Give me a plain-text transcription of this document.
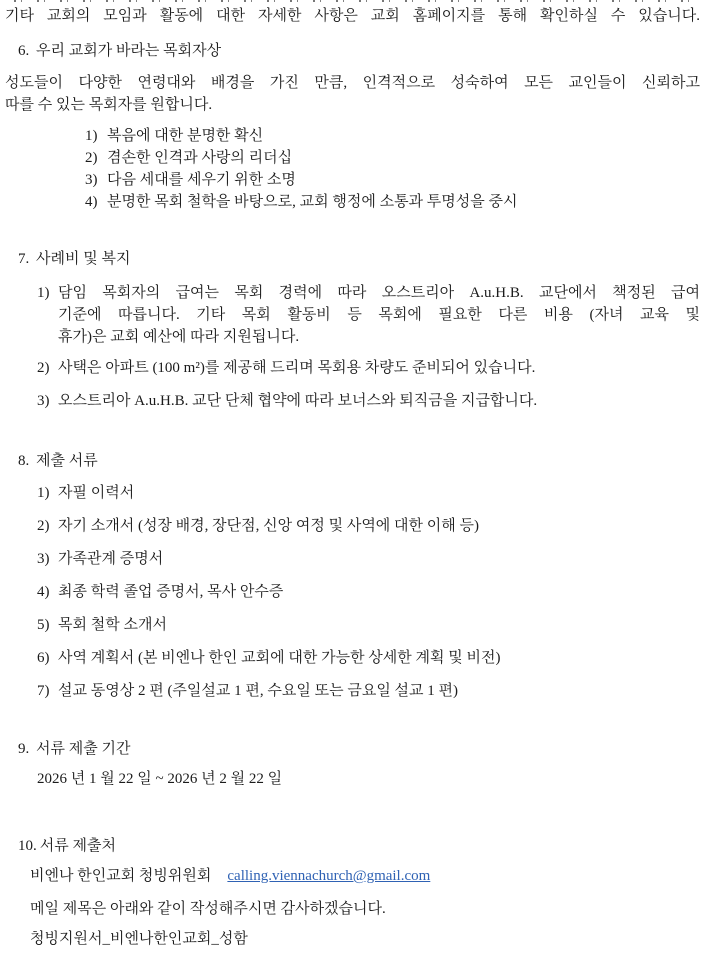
기타 교회의 모임과 활동에 대한 자세한 사항은 교회 홈페이지를 통해 확인하실 수 있습니다.
6. 우리 교회가 바라는 목회자상
성도들이 다양한 연령대와 배경을 가진 만큼, 인격적으로 성숙하여 모든 교인들이 신뢰하고
따를 수 있는 목회자를 원합니다.
1) 복음에 대한 분명한 확신
2) 겸손한 인격과 사랑의 리더십
3) 다음 세대를 세우기 위한 소명
4) 분명한 목회 철학을 바탕으로, 교회 행정에 소통과 투명성을 중시
7. 사례비 및 복지
1) 담임 목회자의 급여는 목회 경력에 따라 오스트리아 A.u.H.B. 교단에서 책정된 급여
기준에 따릅니다. 기타 목회 활동비 등 목회에 필요한 다른 비용 (자녀 교육 및
휴가)은 교회 예산에 따라 지원됩니다.
2) 사택은 아파트 (100 m²)를 제공해 드리며 목회용 차량도 준비되어 있습니다.
3) 오스트리아 A.u.H.B. 교단 단체 협약에 따라 보너스와 퇴직금을 지급합니다.
8. 제출 서류
1) 자필 이력서
2) 자기 소개서 (성장 배경, 장단점, 신앙 여정 및 사역에 대한 이해 등)
3) 가족관계 증명서
4) 최종 학력 졸업 증명서, 목사 안수증
5) 목회 철학 소개서
6) 사역 계획서 (본 비엔나 한인 교회에 대한 가능한 상세한 계획 및 비전)
7) 설교 동영상 2 편 (주일설교 1 편, 수요일 또는 금요일 설교 1 편)
9. 서류 제출 기간
2026 년 1 월 22 일 ~ 2026 년 2 월 22 일
10. 서류 제출처
비엔나 한인교회 청빙위원회 calling.viennachurch@gmail.com
메일 제목은 아래와 같이 작성해주시면 감사하겠습니다.
청빙지원서_비엔나한인교회_성함
